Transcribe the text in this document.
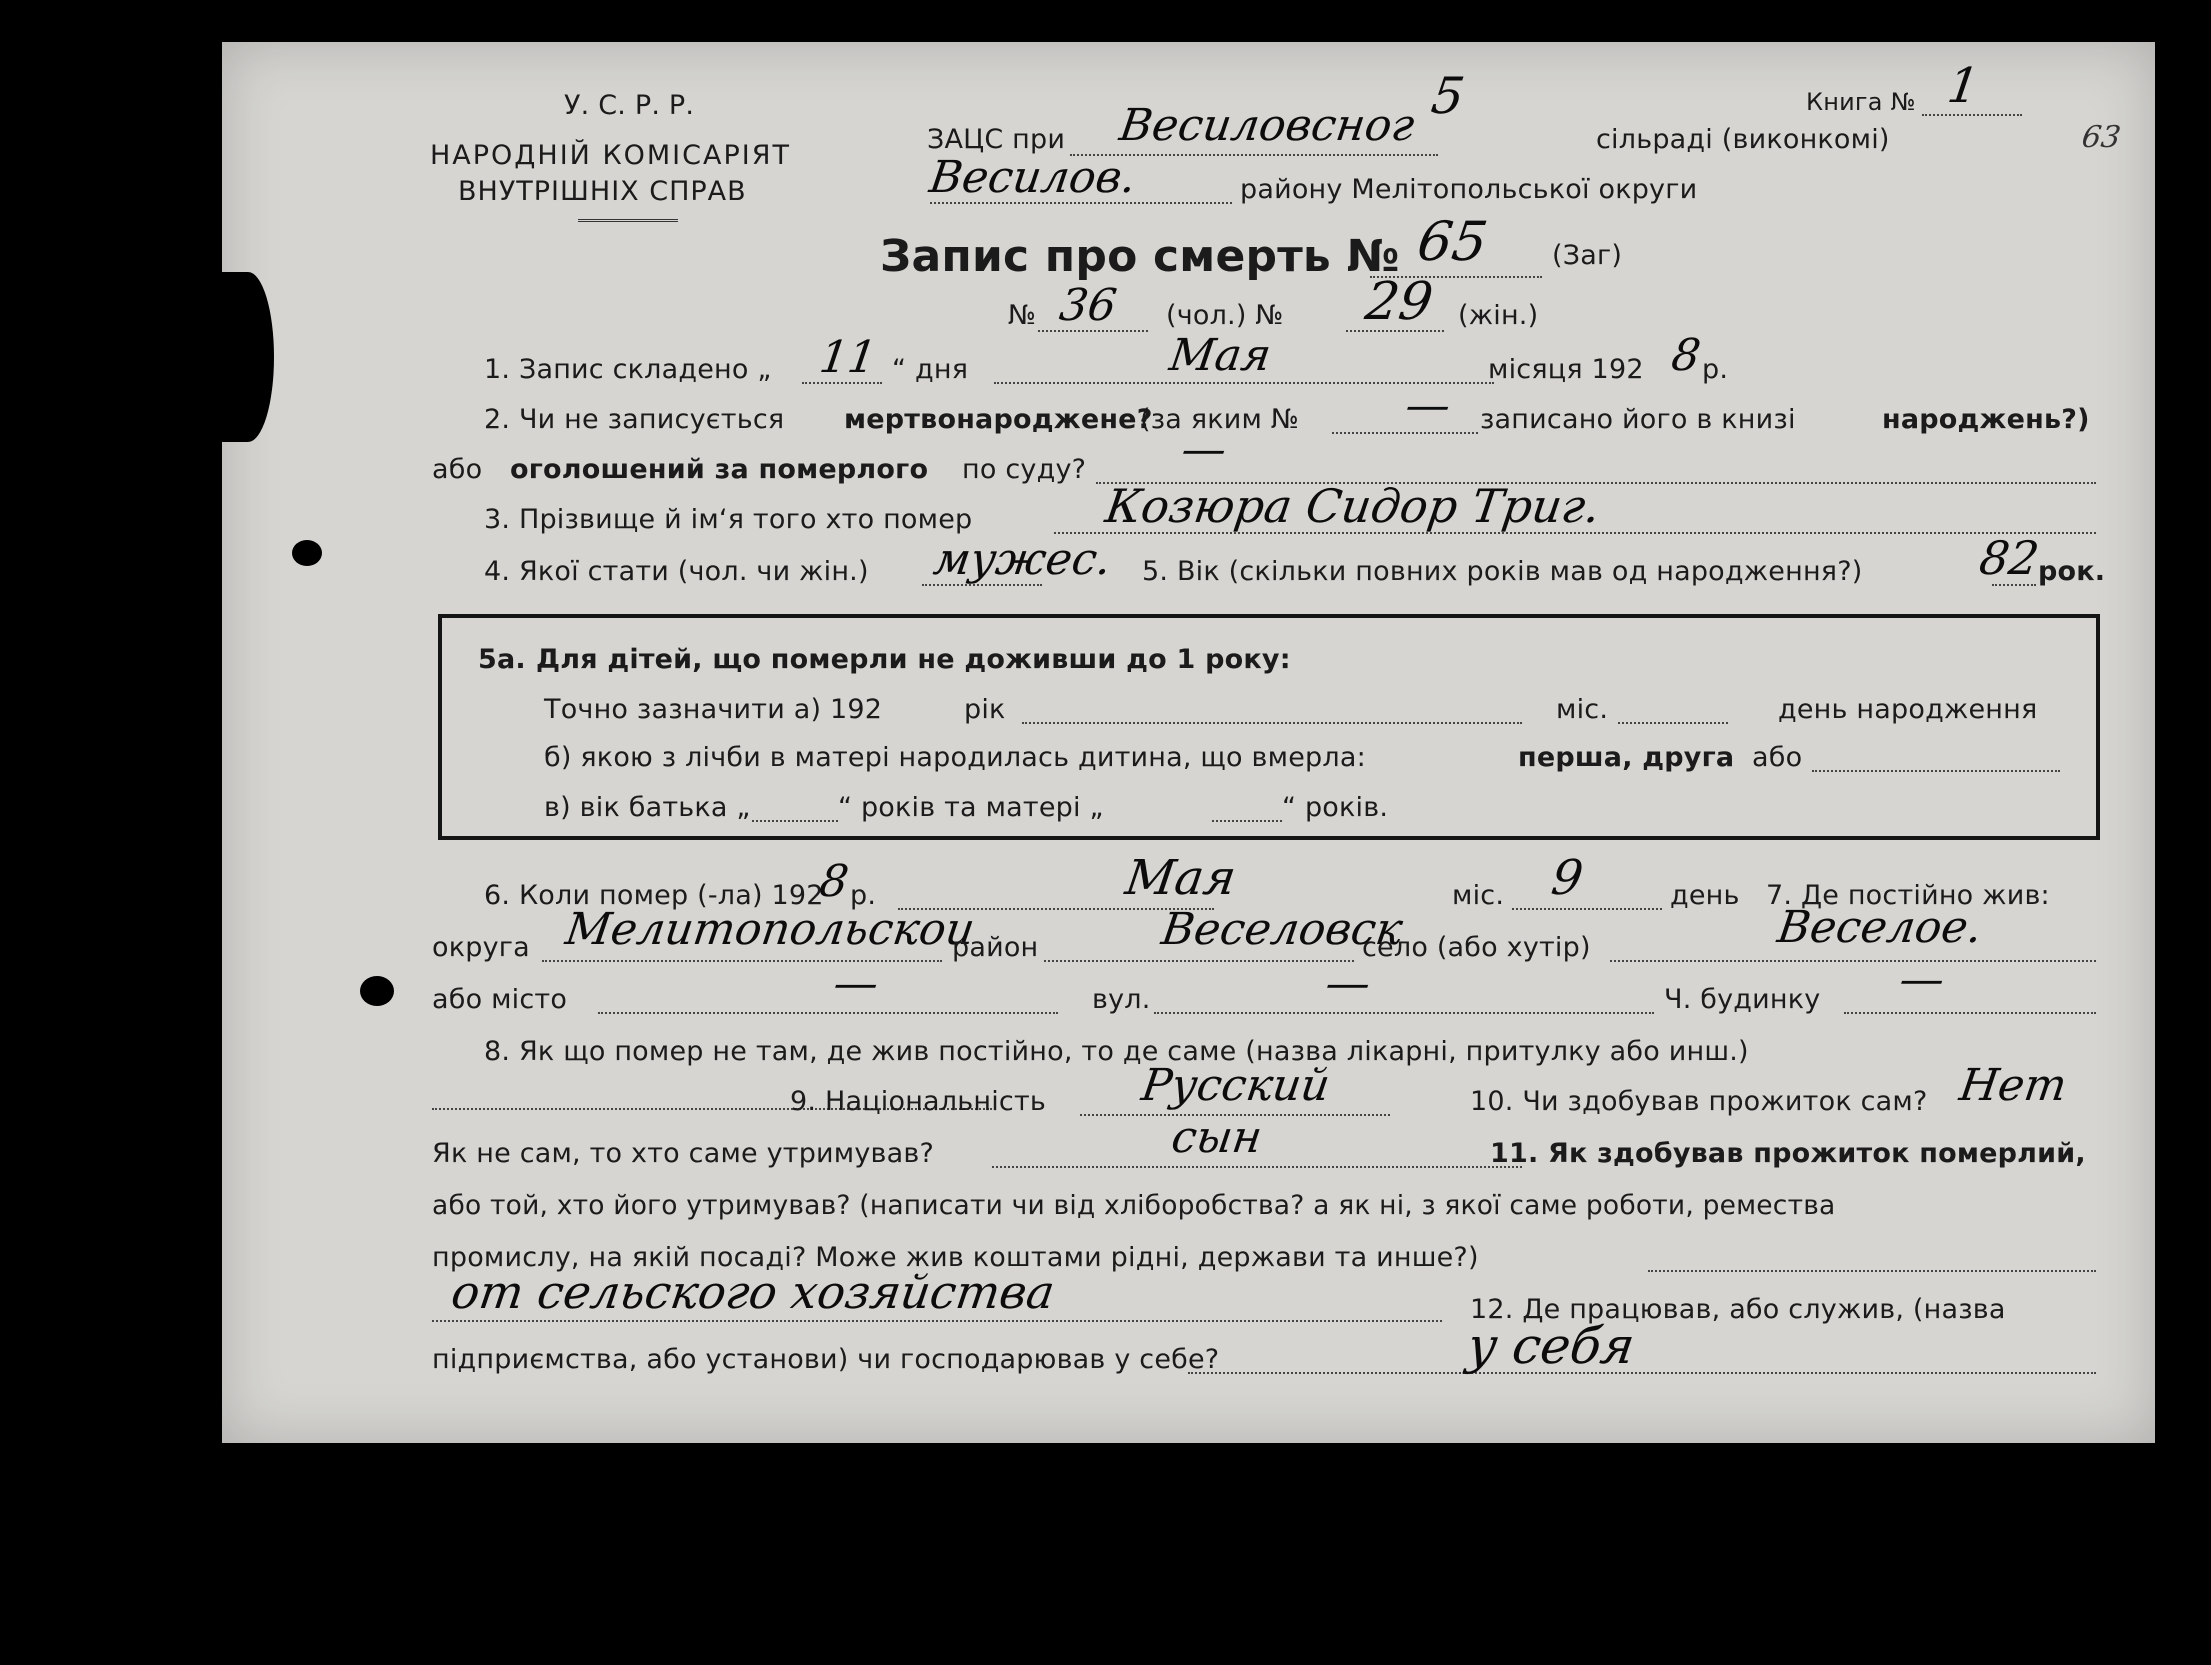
У. С. Р. Р.
НАРОДНІЙ КОМІСАРІЯТ
ВНУТРІШНІХ СПРАВ
ЗАЦС при Весиловсног
5
сільраді (виконкомі)
Весилов.	району Мелітопольської округи
Книга № 1
63
Запис про смерть № 65 (Заг)
№ 36 (чол.) № 29 (жін.)
1. Запис складено „ 11 “ дня	Мая	місяця 192 8
р.
2. Чи не записується мертвонароджене?
(за яким № — записано його в книзі	народжень?)
або оголошений за померлого по суду? —
3. Прізвище й ім‘я того хто помер	Козюра Сидор Триг.
4. Якої стати (чол. чи жін.) мужес. 5. Вік (скільки повних років мав од народження?) 82
рок.
5а. Для дітей, що померли не доживши до 1 року:
Точно зазначити а) 192	рік	міс.	день народження
б) якою з лічби в матері народилась дитина, що вмерла:	перша, друга або
в) вік батька „	“ років та матері „	“ років.
6. Коли помер (-ла) 192
8
р.	Мая	міс. 9	день 7. Де постійно жив:
округа Мелитопольскои
район	Веселовск
село (або хутір)	Веселое.
або місто	—	вул.	—	Ч. будинку —
8. Як що помер не там, де жив постійно, то де саме (назва лікарні, притулку або инш.)
9. Національність Русский	10. Чи здобував прожиток сам? Нет
Як не сам, то хто саме утримував?	сын	11. Як здобував прожиток померлий,
або той, хто його утримував? (написати чи від хліборобства? а як ні, з якої саме роботи, ремества
промислу, на якій посаді? Може жив коштами рідні, держави та инше?)
от сельского хозяйства	12. Де працював, або служив, (назва
підприємства, або установи) чи господарював у себе?	у себя
